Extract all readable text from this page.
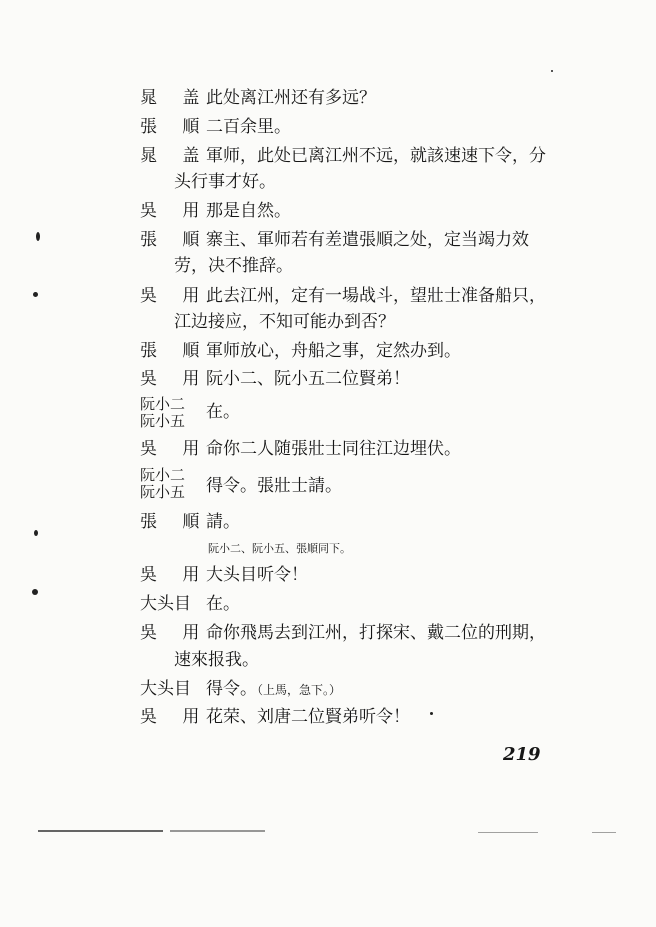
晁 盖
此处离江州还有多远？
張 順
二百余里。
晁 盖
軍师，此处已离江州不远，就該速速下令，分
头行事才好。
吳 用
那是自然。
張 順
寨主、軍师若有差遣張順之处，定当竭力效
劳，决不推辞。
吳 用
此去江州，定有一場战斗，望壯士准备船只，
江边接应，不知可能办到否？
張 順
軍师放心，舟船之事，定然办到。
吳 用
阮小二、阮小五二位賢弟！
阮小二
阮小五 在。
吳 用
命你二人随張壯士同往江边埋伏。
阮小二
阮小五 得令。張壯士請。
張 順
請。
阮小二、阮小五、張順同下。
吳 用
大头目听令！
大头目 在。
吳 用
命你飛馬去到江州，打探宋、戴二位的刑期，
速來报我。
大头目 得令。（上馬，急下。）
吳 用
花荣、刘唐二位賢弟听令！
219
